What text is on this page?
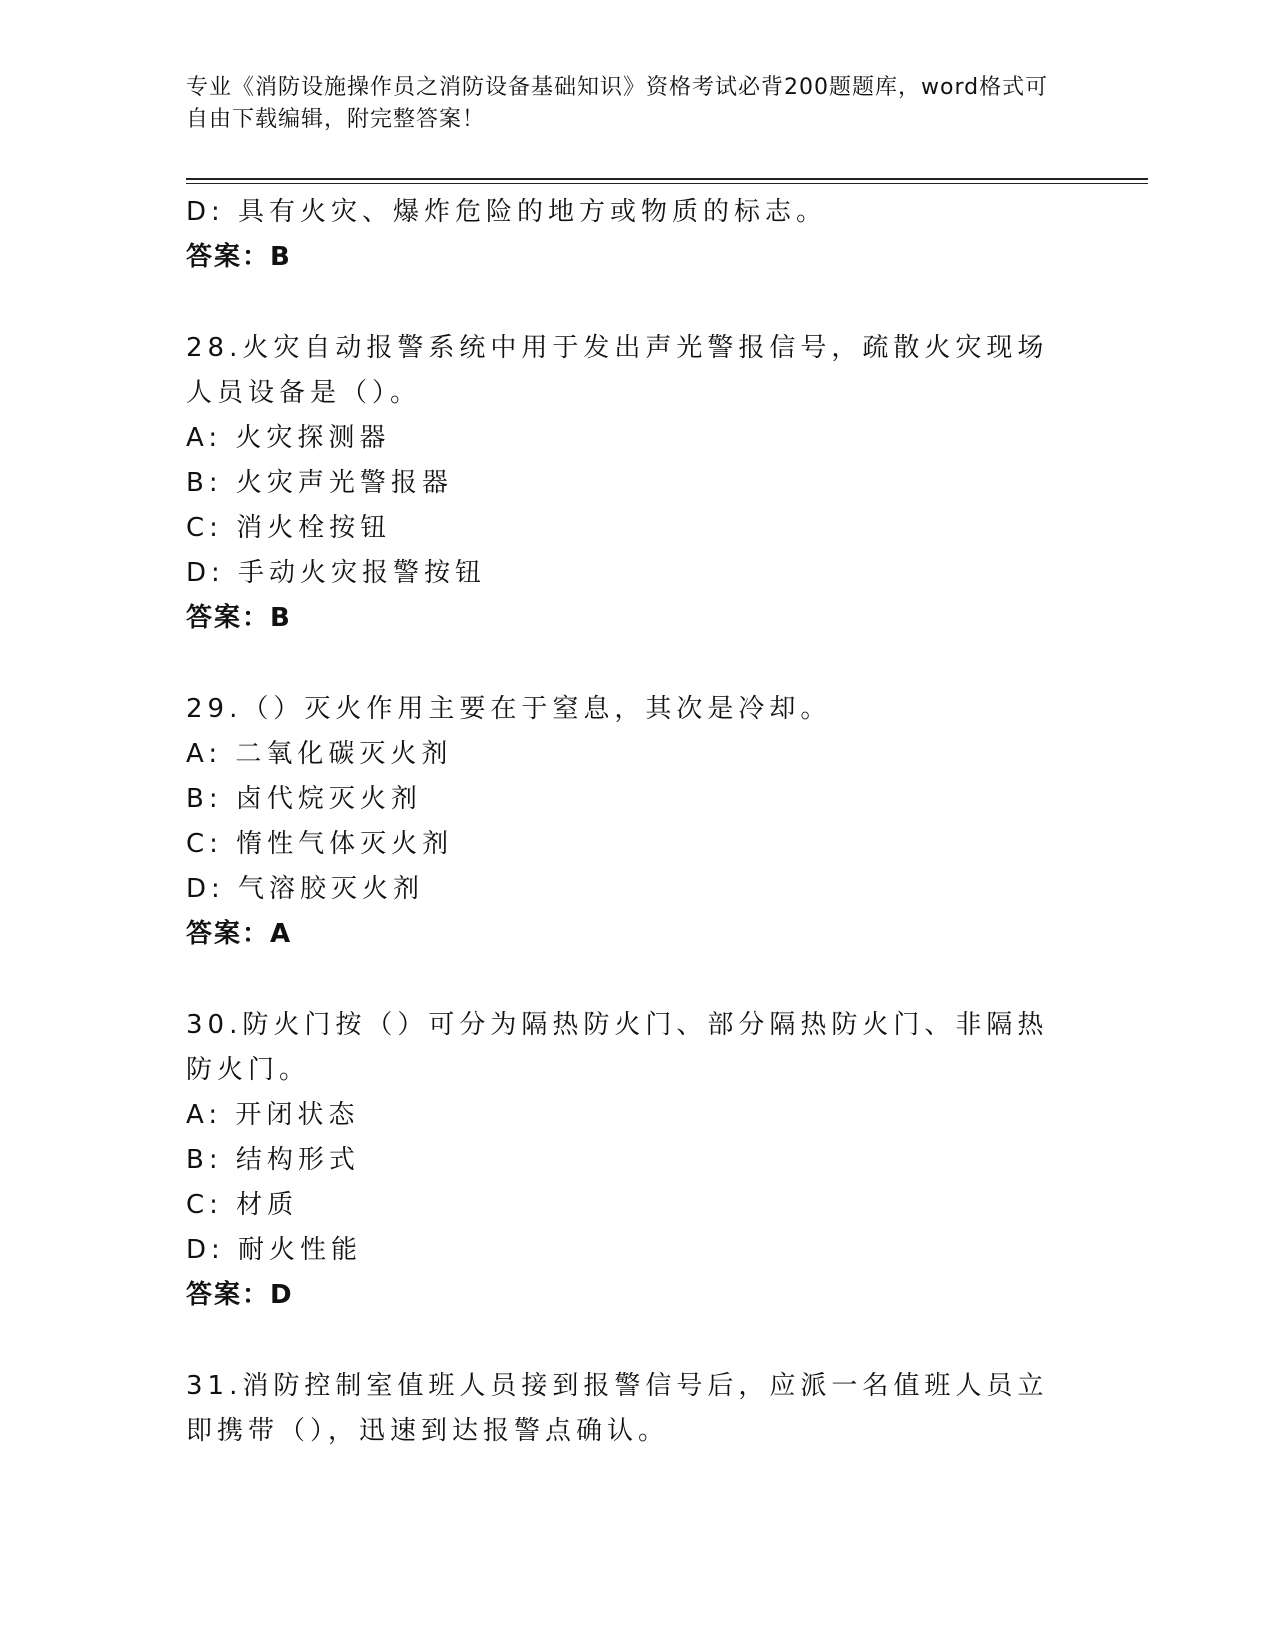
专业《消防设施操作员之消防设备基础知识》资格考试必背200题题库，word格式可自由下载编辑，附完整答案！
D: 具有火灾、爆炸危险的地方或物质的标志。
答案：B
28.火灾自动报警系统中用于发出声光警报信号，疏散火灾现场人员设备是（）。
A: 火灾探测器
B: 火灾声光警报器
C: 消火栓按钮
D: 手动火灾报警按钮
答案：B
29.（）灭火作用主要在于窒息，其次是冷却。
A: 二氧化碳灭火剂
B: 卤代烷灭火剂
C: 惰性气体灭火剂
D: 气溶胶灭火剂
答案：A
30.防火门按（）可分为隔热防火门、部分隔热防火门、非隔热防火门。
A: 开闭状态
B: 结构形式
C: 材质
D: 耐火性能
答案：D
31.消防控制室值班人员接到报警信号后，应派一名值班人员立即携带（），迅速到达报警点确认。
